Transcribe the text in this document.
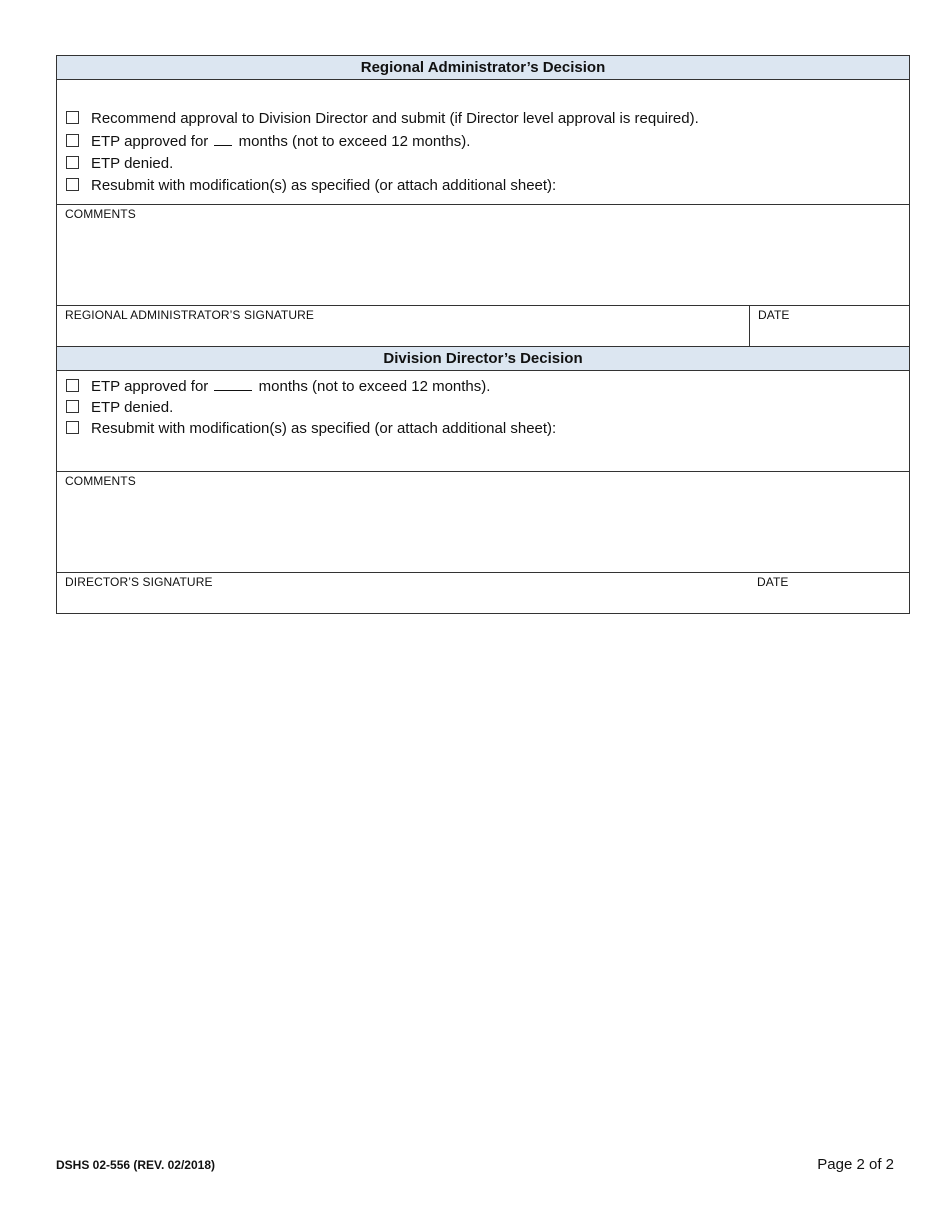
Regional Administrator’s Decision
Recommend approval to Division Director and submit (if Director level approval is required).
ETP approved for months (not to exceed 12 months).
ETP denied.
Resubmit with modification(s) as specified (or attach additional sheet):
COMMENTS
REGIONAL ADMINISTRATOR’S SIGNATURE	DATE
Division Director’s Decision
ETP approved for	months (not to exceed 12 months).
ETP denied.
Resubmit with modification(s) as specified (or attach additional sheet):
COMMENTS
DIRECTOR’S SIGNATURE	DATE
DSHS 02-556 (REV. 02/2018)	Page 2 of 2
